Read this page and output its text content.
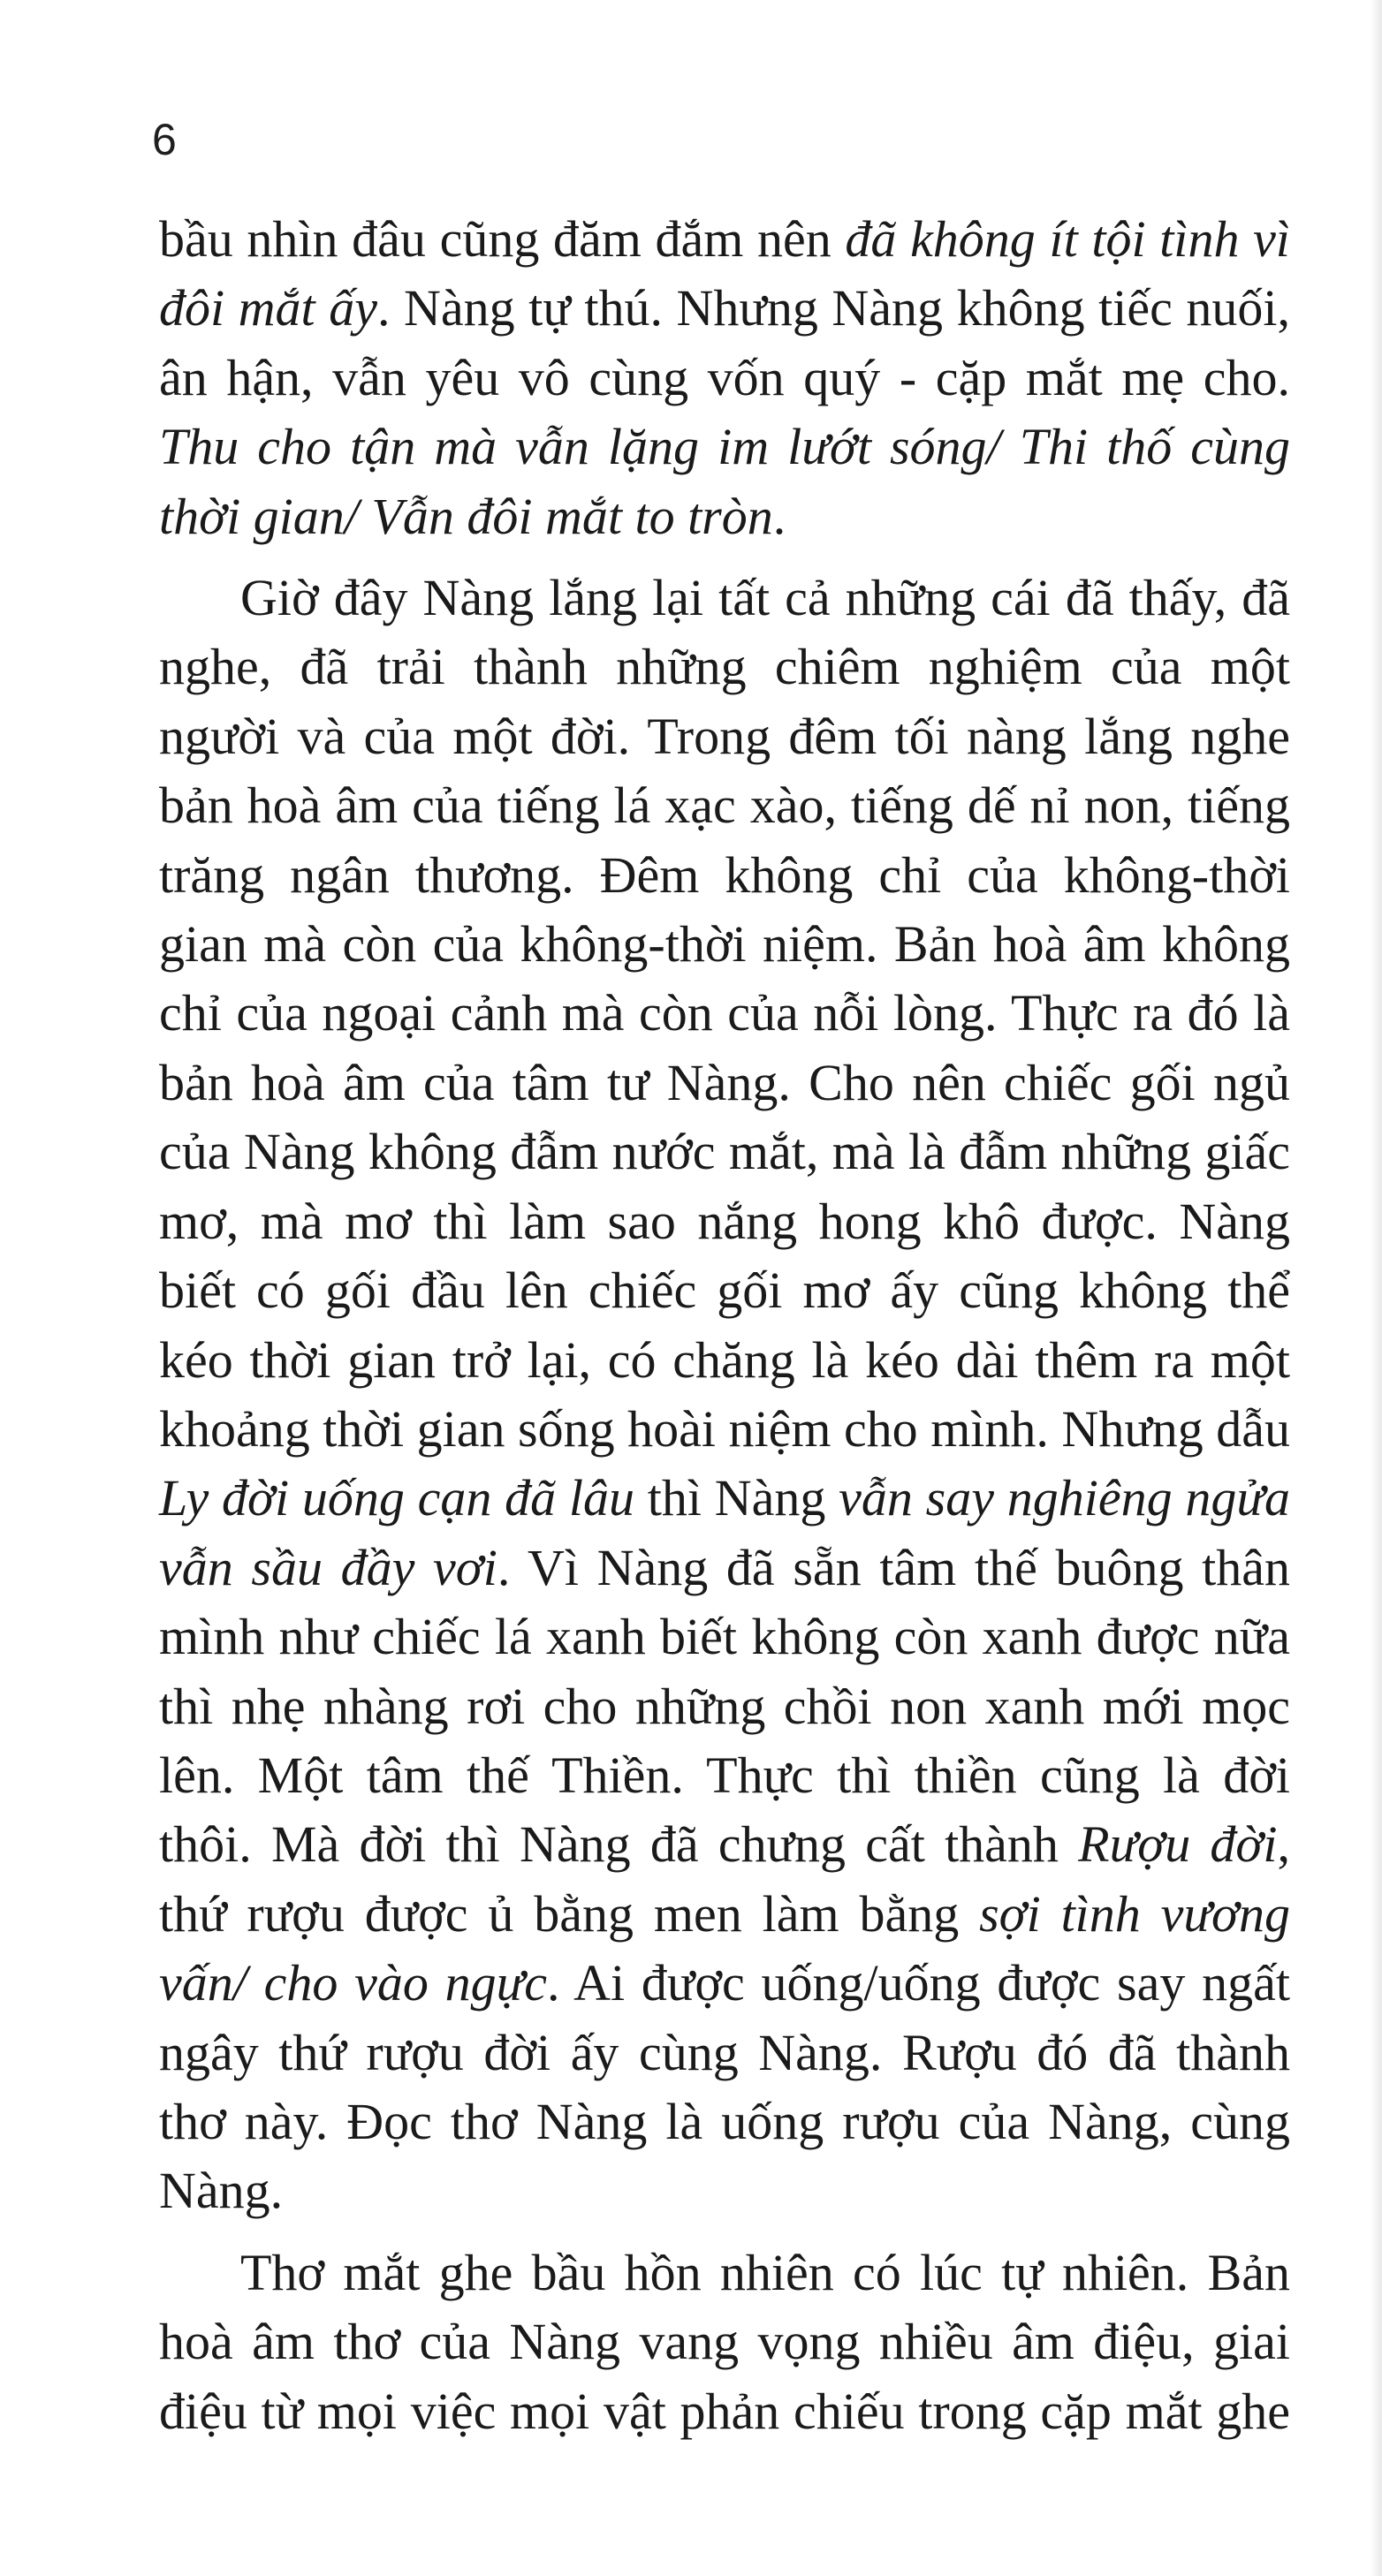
6

bầu nhìn đâu cũng đăm đắm nên đã không ít tội tình vì đôi mắt ấy. Nàng tự thú. Nhưng Nàng không tiếc nuối, ân hận, vẫn yêu vô cùng vốn quý - cặp mắt mẹ cho. Thu cho tận mà vẫn lặng im lướt sóng/ Thi thố cùng thời gian/ Vẫn đôi mắt to tròn.

Giờ đây Nàng lắng lại tất cả những cái đã thấy, đã nghe, đã trải thành những chiêm nghiệm của một người và của một đời. Trong đêm tối nàng lắng nghe bản hoà âm của tiếng lá xạc xào, tiếng dế nỉ non, tiếng trăng ngân thương. Đêm không chỉ của không-thời gian mà còn của không-thời niệm. Bản hoà âm không chỉ của ngoại cảnh mà còn của nỗi lòng. Thực ra đó là bản hoà âm của tâm tư Nàng. Cho nên chiếc gối ngủ của Nàng không đẫm nước mắt, mà là đẫm những giấc mơ, mà mơ thì làm sao nắng hong khô được. Nàng biết có gối đầu lên chiếc gối mơ ấy cũng không thể kéo thời gian trở lại, có chăng là kéo dài thêm ra một khoảng thời gian sống hoài niệm cho mình. Nhưng dẫu Ly đời uống cạn đã lâu thì Nàng vẫn say nghiêng ngửa vẫn sầu đầy vơi. Vì Nàng đã sẵn tâm thế buông thân mình như chiếc lá xanh biết không còn xanh được nữa thì nhẹ nhàng rơi cho những chồi non xanh mới mọc lên. Một tâm thế Thiền. Thực thì thiền cũng là đời thôi. Mà đời thì Nàng đã chưng cất thành Rượu đời, thứ rượu được ủ bằng men làm bằng sợi tình vương vấn/ cho vào ngực. Ai được uống/uống được say ngất ngây thứ rượu đời ấy cùng Nàng. Rượu đó đã thành thơ này. Đọc thơ Nàng là uống rượu của Nàng, cùng Nàng.

Thơ mắt ghe bầu hồn nhiên có lúc tự nhiên. Bản hoà âm thơ của Nàng vang vọng nhiều âm điệu, giai điệu từ mọi việc mọi vật phản chiếu trong cặp mắt ghe
